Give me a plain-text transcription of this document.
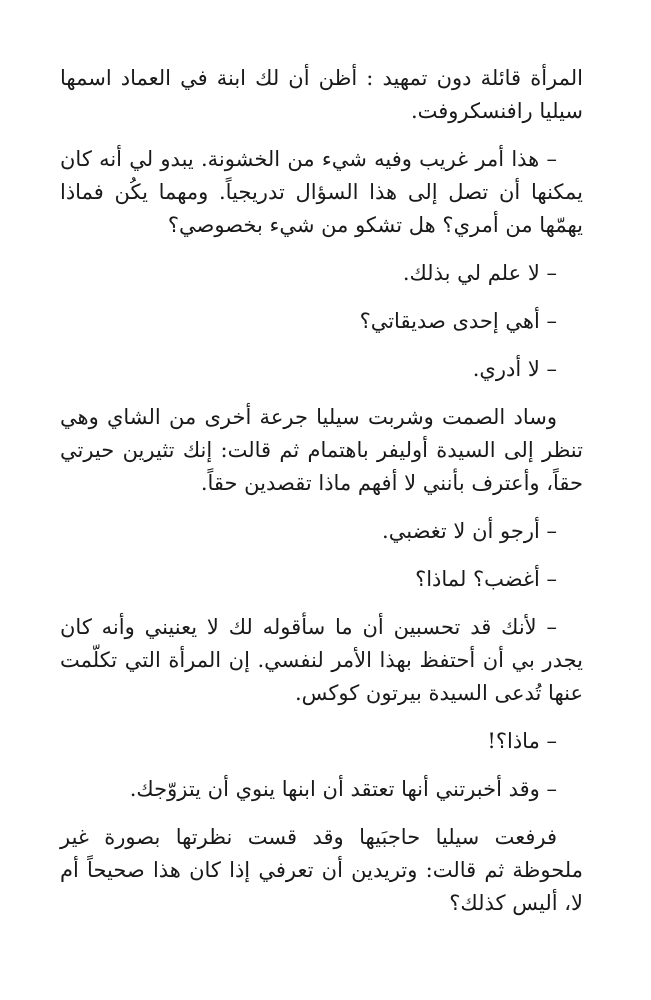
المرأة قائلة دون تمهيد : أظن أن لك ابنة في العماد اسمها سيليا رافنسكروفت.

– هذا أمر غريب وفيه شيء من الخشونة. يبدو لي أنه كان يمكنها أن تصل إلى هذا السؤال تدريجياً. ومهما يكُن فماذا يهمّها من أمري؟ هل تشكو من شيء بخصوصي؟

– لا علم لي بذلك.

– أهي إحدى صديقاتي؟

– لا أدري.

وساد الصمت وشربت سيليا جرعة أخرى من الشاي وهي تنظر إلى السيدة أوليفر باهتمام ثم قالت: إنك تثيرين حيرتي حقاً، وأعترف بأنني لا أفهم ماذا تقصدين حقاً.

– أرجو أن لا تغضبي.

– أغضب؟ لماذا؟

– لأنك قد تحسبين أن ما سأقوله لك لا يعنيني وأنه كان يجدر بي أن أحتفظ بهذا الأمر لنفسي. إن المرأة التي تكلّمت عنها تُدعى السيدة بيرتون كوكس.

– ماذا؟!

– وقد أخبرتني أنها تعتقد أن ابنها ينوي أن يتزوّجك.

فرفعت سيليا حاجبَيها وقد قست نظرتها بصورة غير ملحوظة ثم قالت: وتريدين أن تعرفي إذا كان هذا صحيحاً أم لا، أليس كذلك؟
